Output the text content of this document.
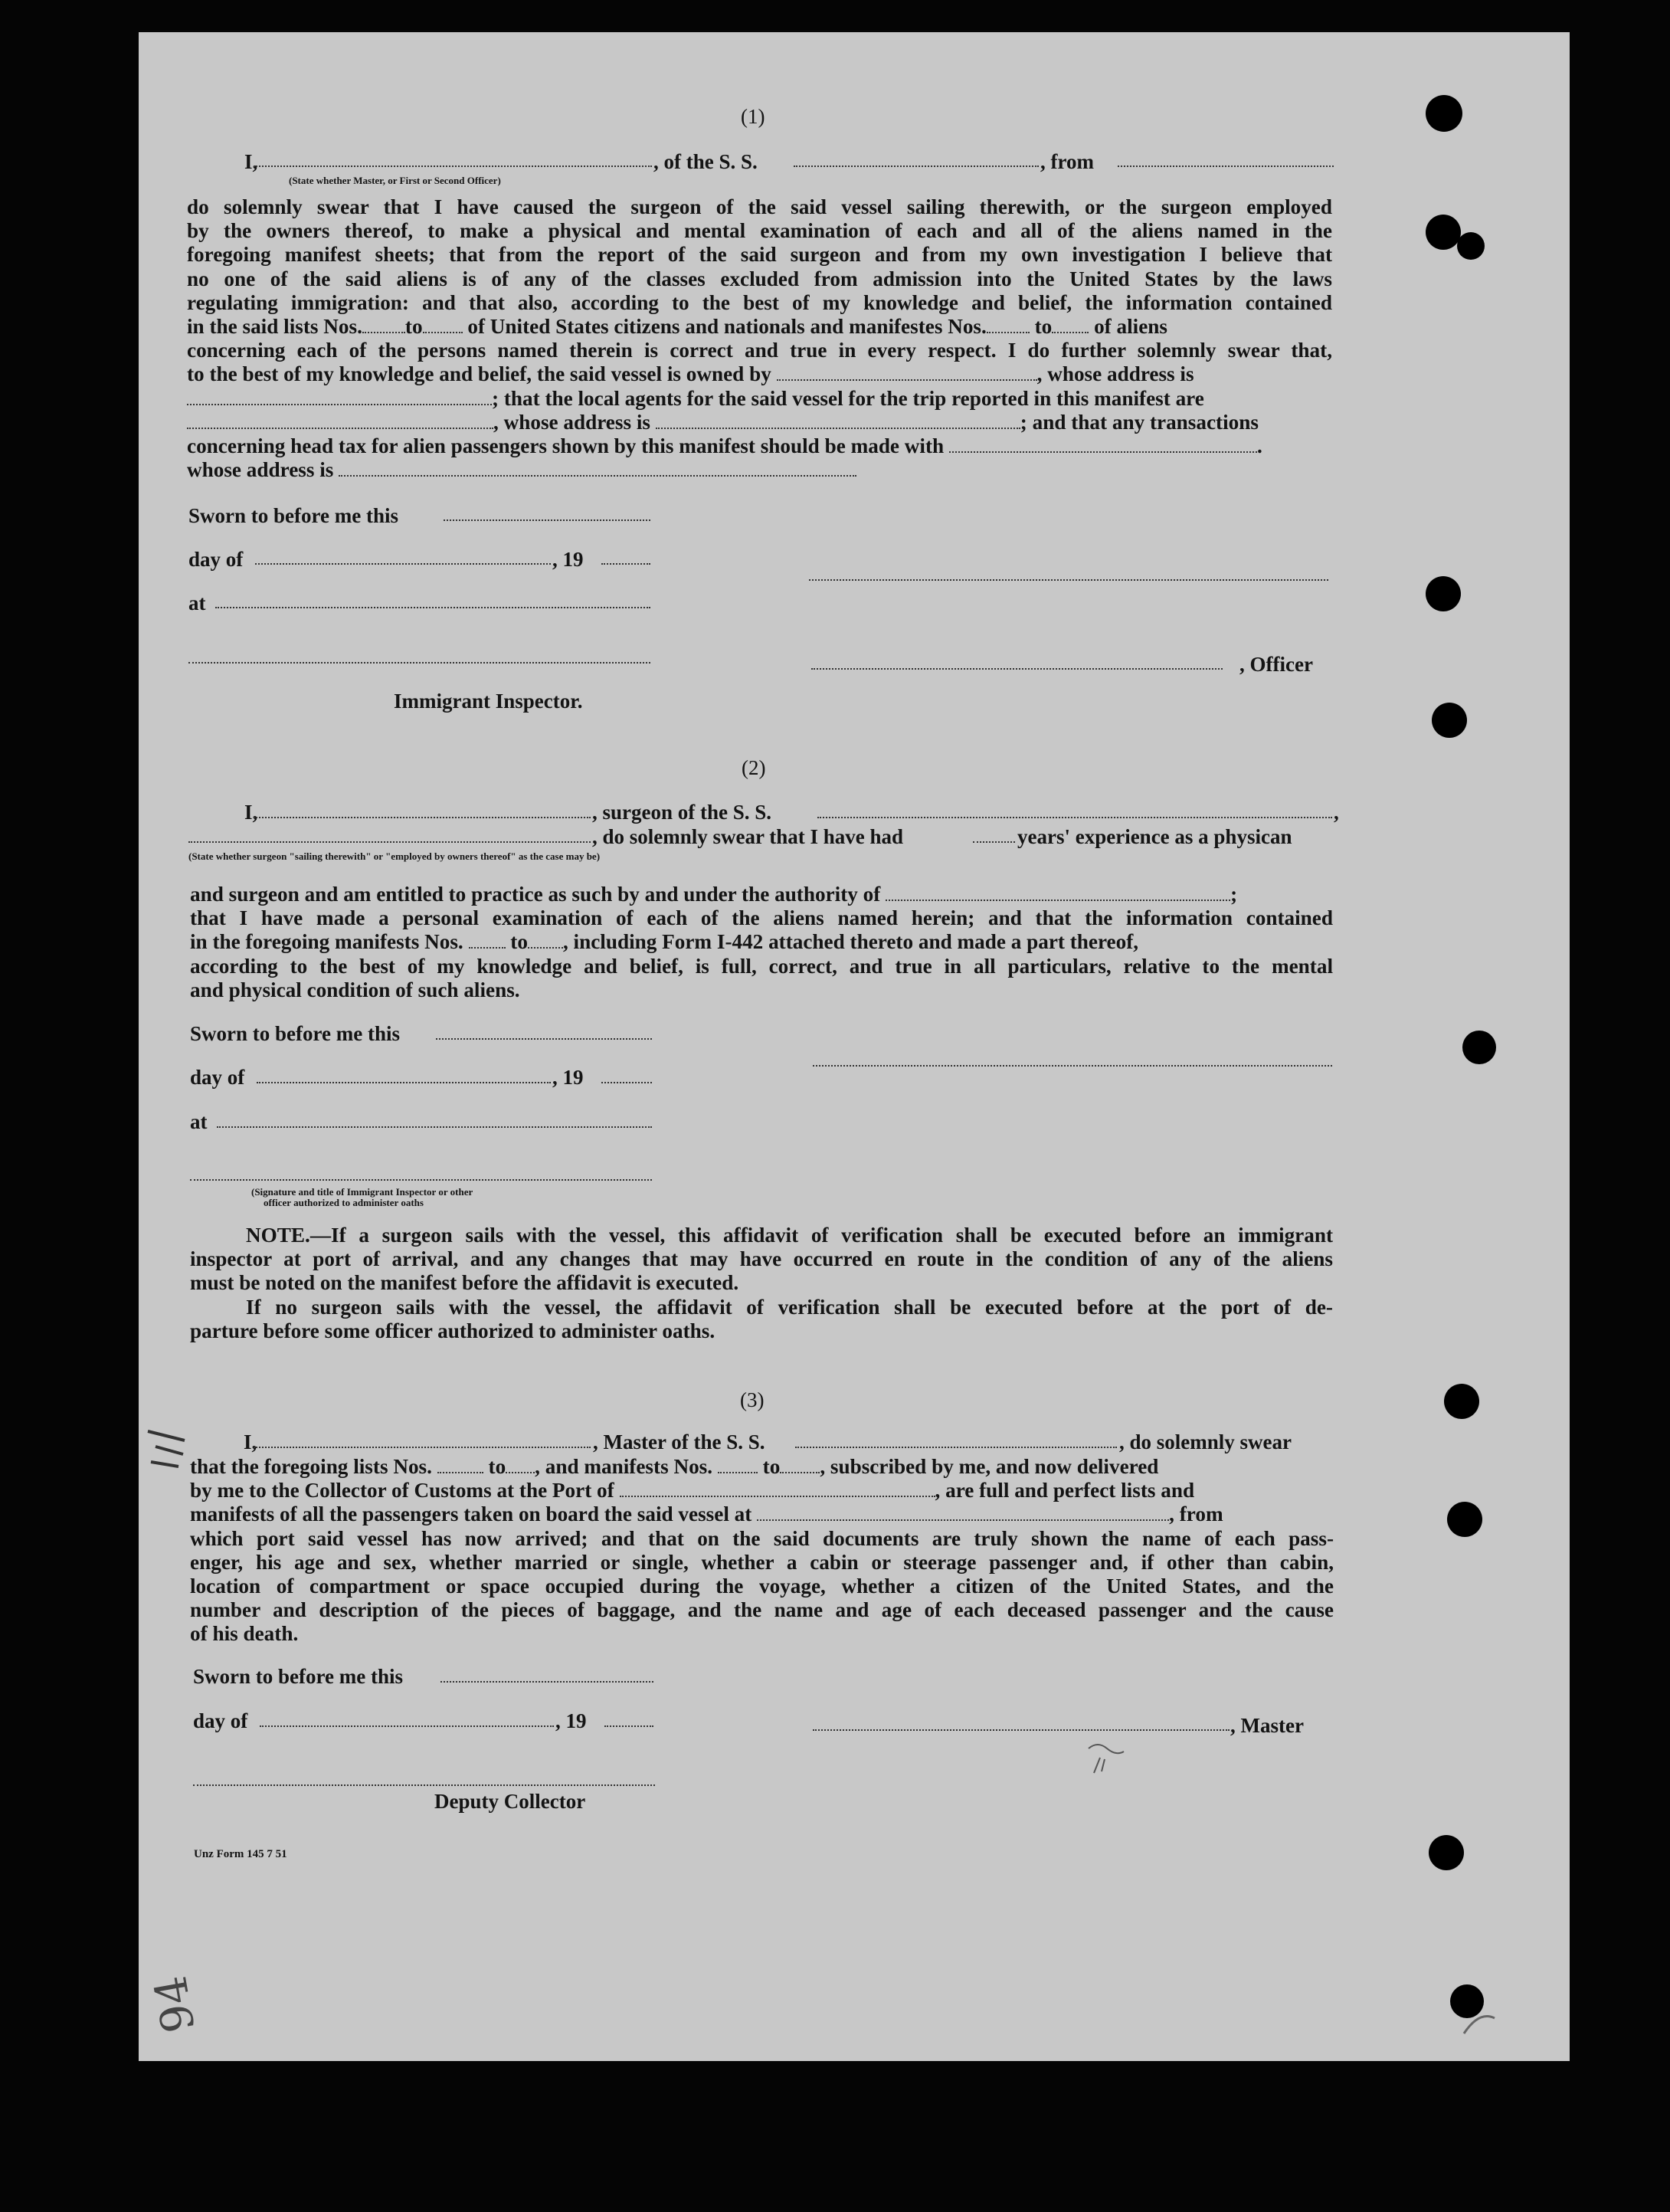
(1)
I,	, of the S. S.	, from
(State whether Master, or First or Second Officer)
do solemnly swear that I have caused the surgeon of the said vessel sailing therewith, or the surgeon employed
by the owners thereof, to make a physical and mental examination of each and all of the aliens named in the
foregoing manifest sheets; that from the report of the said surgeon and from my own investigation I believe that
no one of the said aliens is of any of the classes excluded from admission into the United States by the laws
regulating immigration: and that also, according to the best of my knowledge and belief, the information contained
in the said lists Nos. to of United States citizens and nationals and manifestes Nos. to of aliens
concerning each of the persons named therein is correct and true in every respect. I do further solemnly swear that,
to the best of my knowledge and belief, the said vessel is owned by	, whose address is
; that the local agents for the said vessel for the trip reported in this manifest are
, whose address is	; and that any transactions
concerning head tax for alien passengers shown by this manifest should be made with	.
whose address is
Sworn to before me this
day of	, 19
at
, Officer
Immigrant Inspector.
(2)
I,	, surgeon of the S. S.	,
, do solemnly swear that I have had	years' experience as a physican
(State whether surgeon "sailing therewith" or "employed by owners thereof" as the case may be)
and surgeon and am entitled to practice as such by and under the authority of	;
that I have made a personal examination of each of the aliens named herein; and that the information contained
in the foregoing manifests Nos. to , including Form I-442 attached thereto and made a part thereof,
according to the best of my knowledge and belief, is full, correct, and true in all particulars, relative to the mental
and physical condition of such aliens.
Sworn to before me this
day of	, 19
at
(Signature and title of Immigrant Inspector or other
officer authorized to administer oaths
NOTE.—If a surgeon sails with the vessel, this affidavit of verification shall be executed before an immigrant
inspector at port of arrival, and any changes that may have occurred en route in the condition of any of the aliens
must be noted on the manifest before the affidavit is executed.
If no surgeon sails with the vessel, the affidavit of verification shall be executed before at the port of de-
parture before some officer authorized to administer oaths.
(3)
I,	, Master of the S. S.	, do solemnly swear
that the foregoing lists Nos.	to , and manifests Nos. to , subscribed by me, and now delivered
by me to the Collector of Customs at the Port of	, are full and perfect lists and
manifests of all the passengers taken on board the said vessel at	, from
which port said vessel has now arrived; and that on the said documents are truly shown the name of each pass-
enger, his age and sex, whether married or single, whether a cabin or steerage passenger and, if other than cabin,
location of compartment or space occupied during the voyage, whether a citizen of the United States, and the
number and description of the pieces of baggage, and the name and age of each deceased passenger and the cause
of his death.
Sworn to before me this
day of	, 19	, Master
Deputy Collector
Unz Form 145 7 51
94
